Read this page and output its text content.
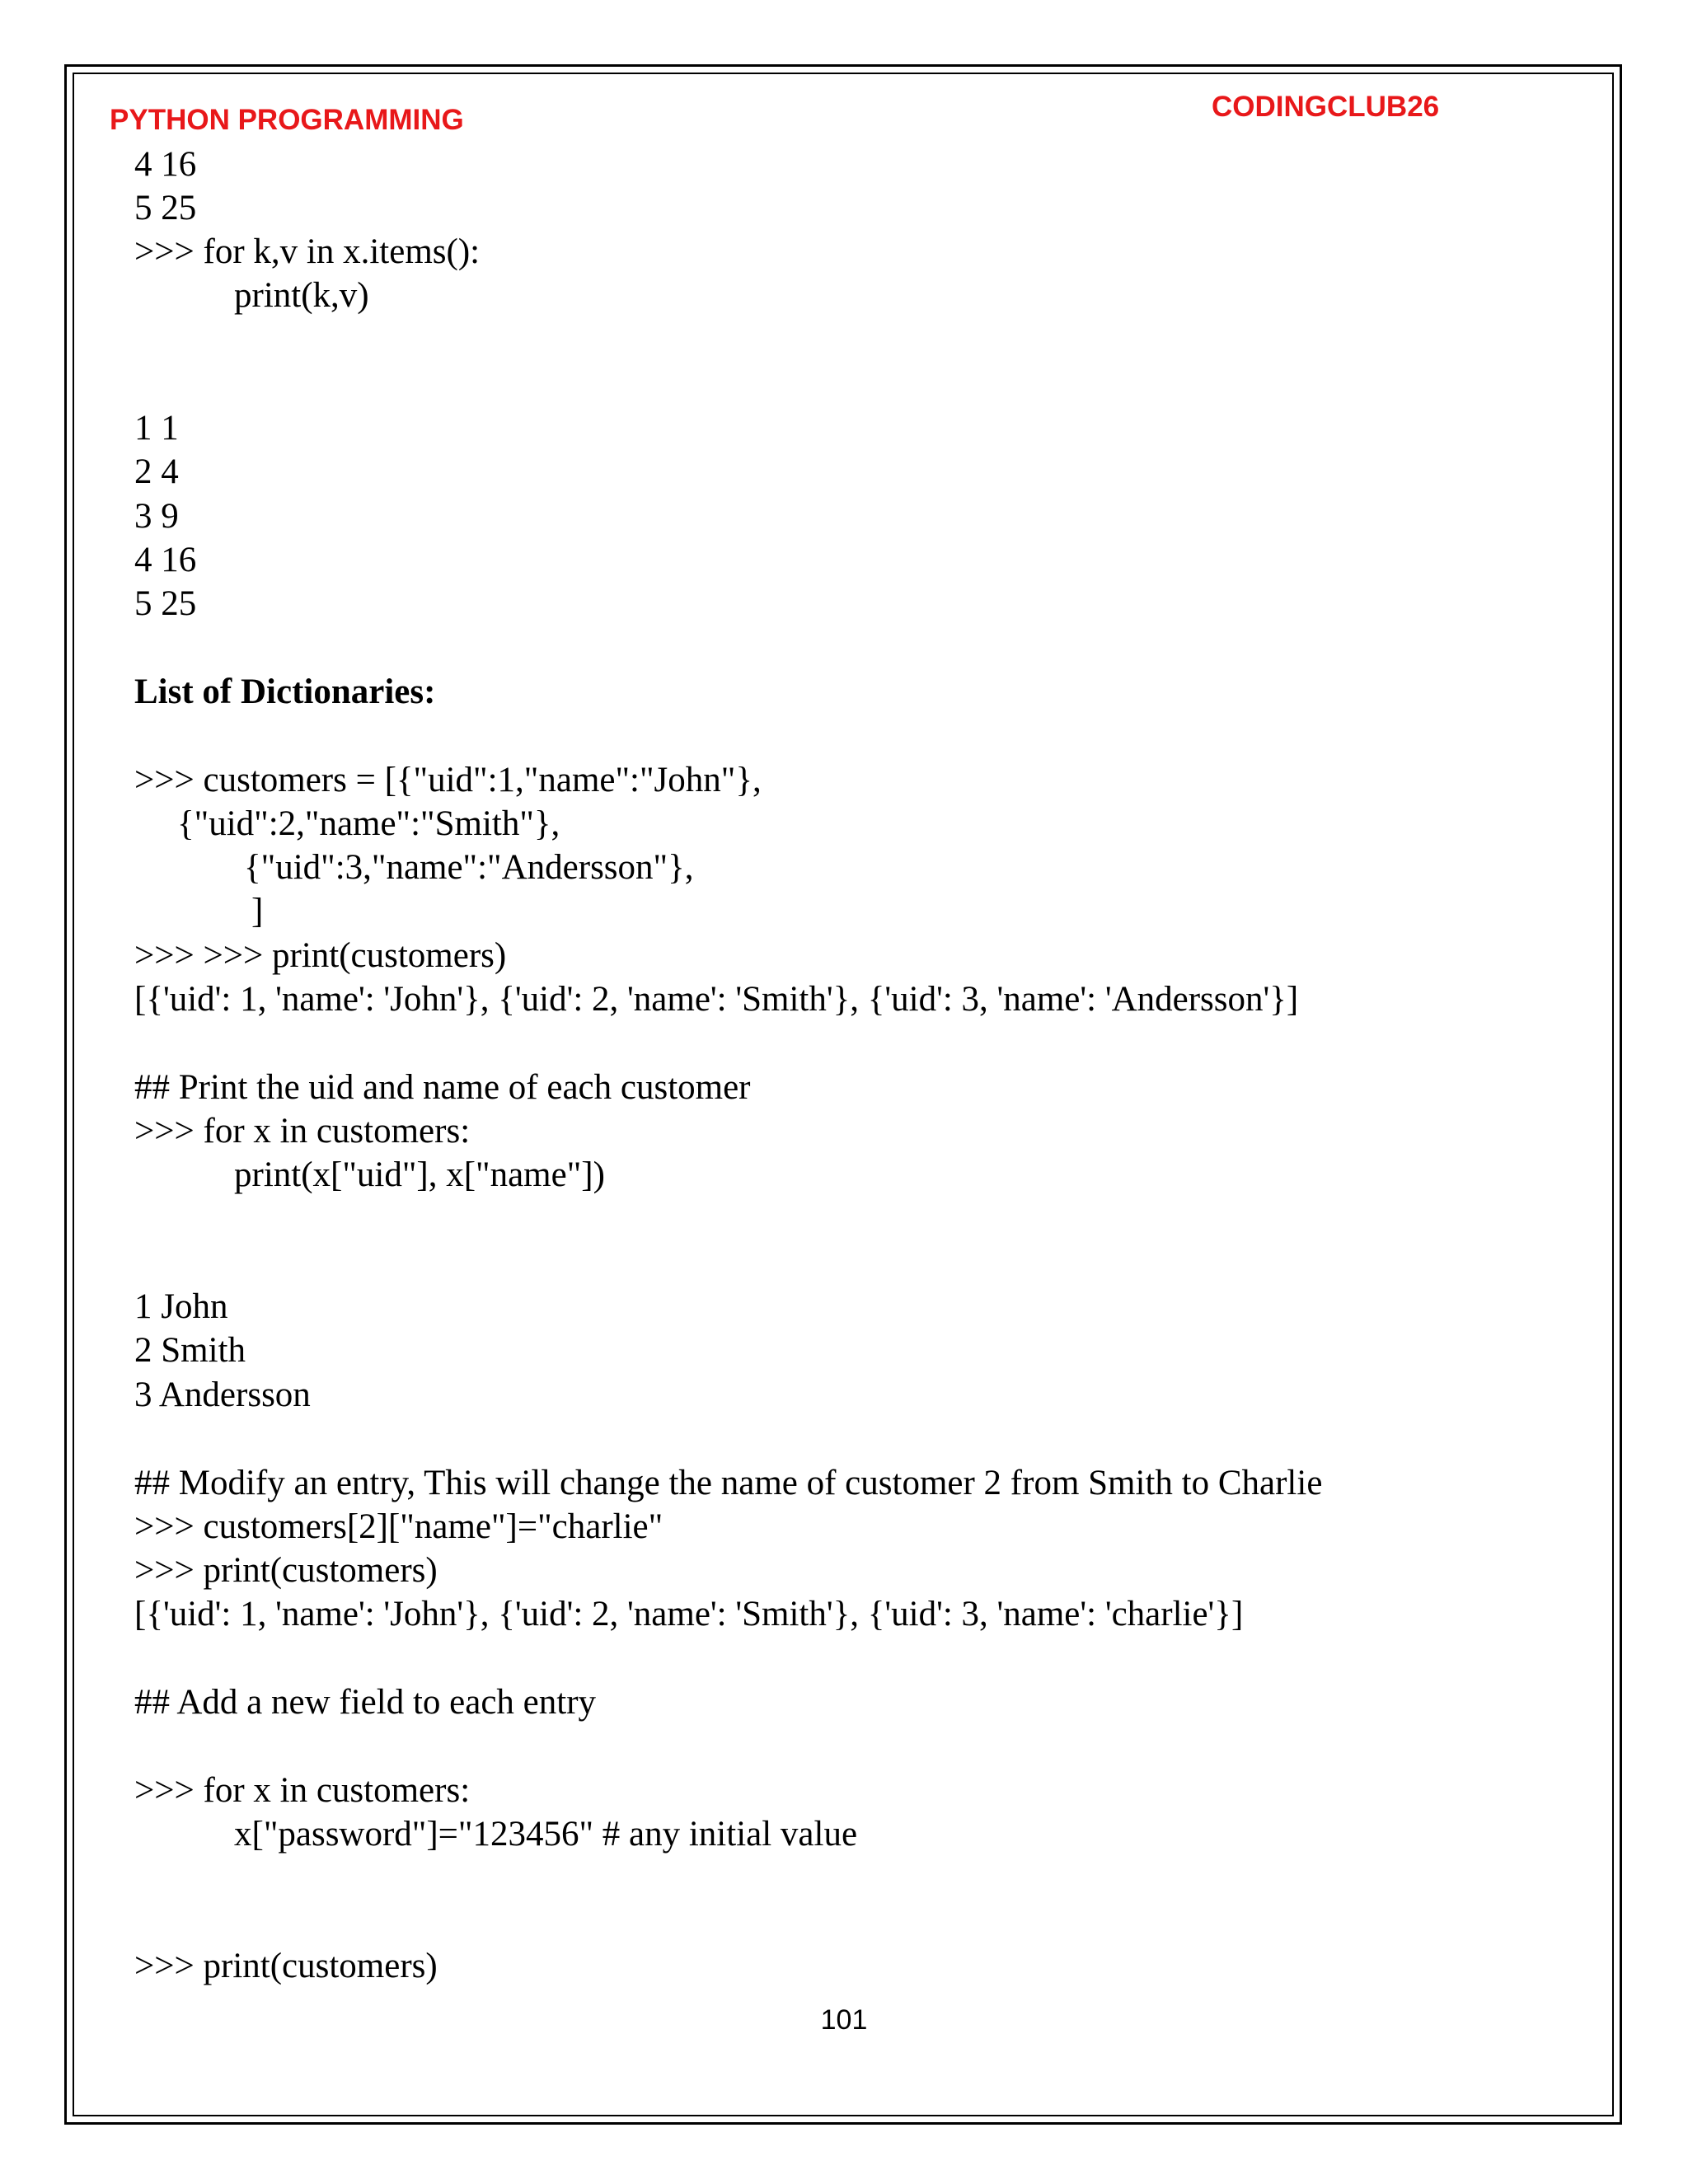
PYTHON PROGRAMMING	CODINGCLUB26
4 16
5 25
>>> for k,v in x.items():
print(k,v)
1 1
2 4
3 9
4 16
5 25
List of Dictionaries:
>>> customers = [{"uid":1,"name":"John"},
{"uid":2,"name":"Smith"},
{"uid":3,"name":"Andersson"},
]
>>> >>> print(customers)
[{'uid': 1, 'name': 'John'}, {'uid': 2, 'name': 'Smith'}, {'uid': 3, 'name': 'Andersson'}]
## Print the uid and name of each customer
>>> for x in customers:
print(x["uid"], x["name"])
1 John
2 Smith
3 Andersson
## Modify an entry, This will change the name of customer 2 from Smith to Charlie
>>> customers[2]["name"]="charlie"
>>> print(customers)
[{'uid': 1, 'name': 'John'}, {'uid': 2, 'name': 'Smith'}, {'uid': 3, 'name': 'charlie'}]
## Add a new field to each entry
>>> for x in customers:
x["password"]="123456" # any initial value
>>> print(customers)
101
